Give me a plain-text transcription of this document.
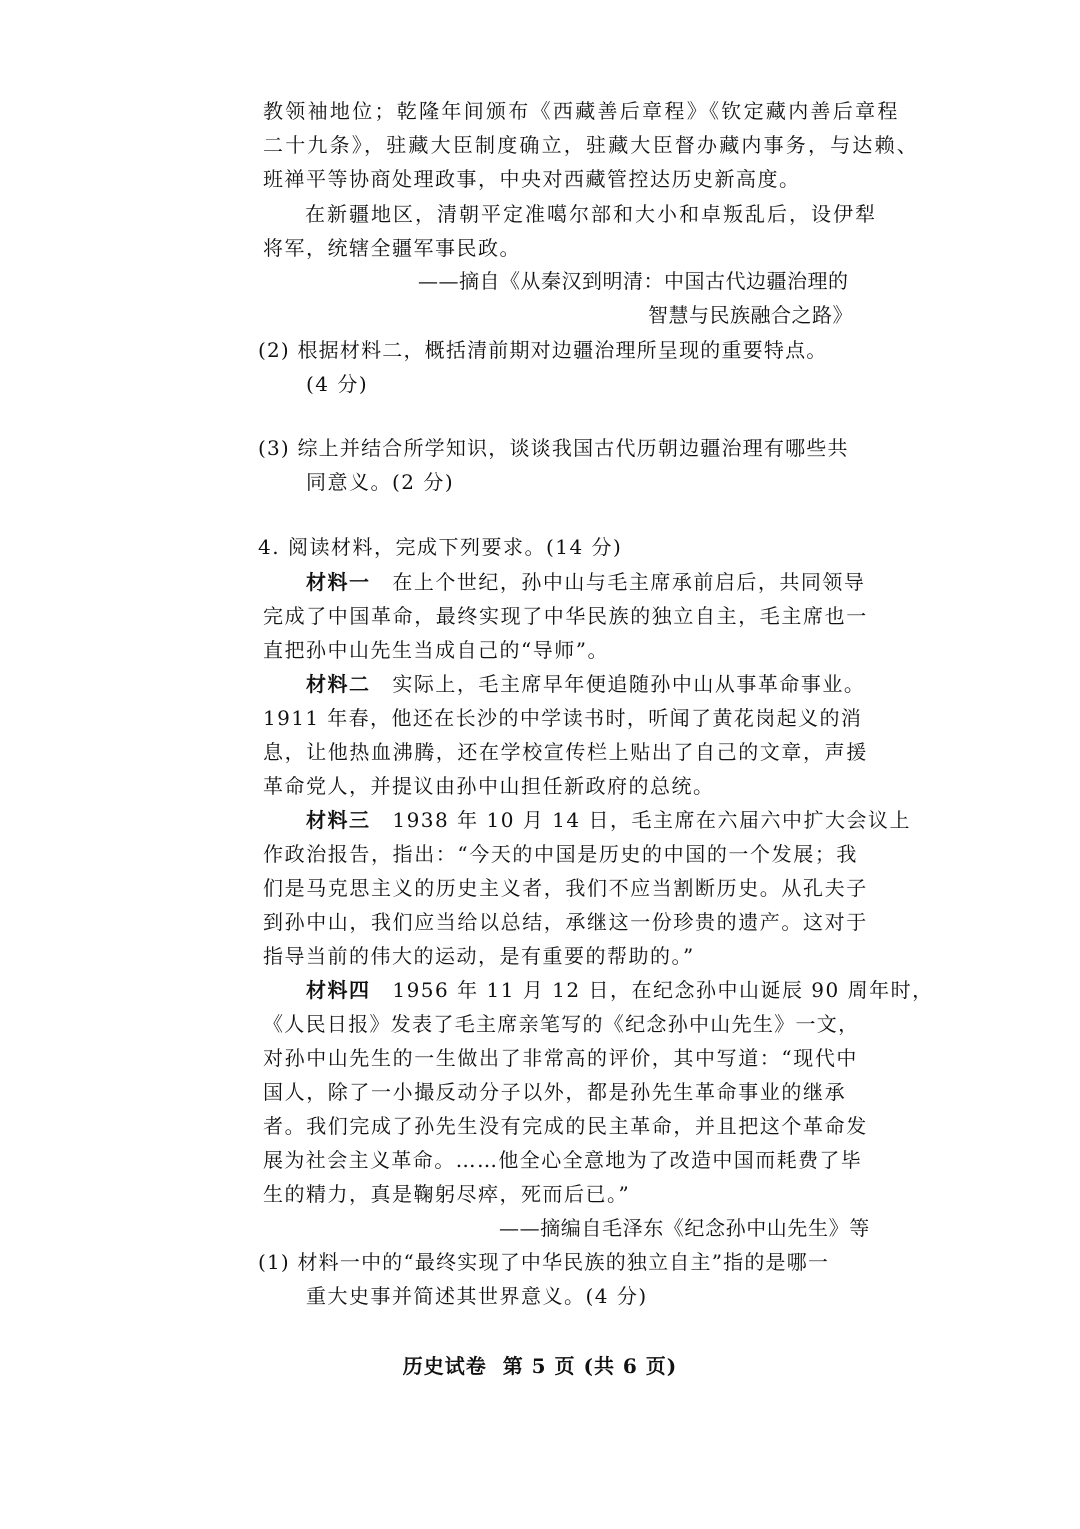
教领袖地位；乾隆年间颁布《西藏善后章程》《钦定藏内善后章程
二十九条》，驻藏大臣制度确立，驻藏大臣督办藏内事务，与达赖、
班禅平等协商处理政事，中央对西藏管控达历史新高度。
在新疆地区，清朝平定准噶尔部和大小和卓叛乱后，设伊犁
将军，统辖全疆军事民政。
——摘自《从秦汉到明清：中国古代边疆治理的
智慧与民族融合之路》
(2) 根据材料二，概括清前期对边疆治理所呈现的重要特点。
(4 分)
(3) 综上并结合所学知识，谈谈我国古代历朝边疆治理有哪些共
同意义。(2 分)
4. 阅读材料，完成下列要求。(14 分)
材料一 在上个世纪，孙中山与毛主席承前启后，共同领导
完成了中国革命，最终实现了中华民族的独立自主，毛主席也一
直把孙中山先生当成自己的“导师”。
材料二 实际上，毛主席早年便追随孙中山从事革命事业。
1911 年春，他还在长沙的中学读书时，听闻了黄花岗起义的消
息，让他热血沸腾，还在学校宣传栏上贴出了自己的文章，声援
革命党人，并提议由孙中山担任新政府的总统。
材料三 1938 年 10 月 14 日，毛主席在六届六中扩大会议上
作政治报告，指出：“今天的中国是历史的中国的一个发展；我
们是马克思主义的历史主义者，我们不应当割断历史。从孔夫子
到孙中山，我们应当给以总结，承继这一份珍贵的遗产。这对于
指导当前的伟大的运动，是有重要的帮助的。”
材料四 1956 年 11 月 12 日，在纪念孙中山诞辰 90 周年时，
《人民日报》发表了毛主席亲笔写的《纪念孙中山先生》一文，
对孙中山先生的一生做出了非常高的评价，其中写道：“现代中
国人，除了一小撮反动分子以外，都是孙先生革命事业的继承
者。我们完成了孙先生没有完成的民主革命，并且把这个革命发
展为社会主义革命。……他全心全意地为了改造中国而耗费了毕
生的精力，真是鞠躬尽瘁，死而后已。”
——摘编自毛泽东《纪念孙中山先生》等
(1) 材料一中的“最终实现了中华民族的独立自主”指的是哪一
重大史事并简述其世界意义。(4 分)
历史试卷 第 5 页 (共 6 页)
